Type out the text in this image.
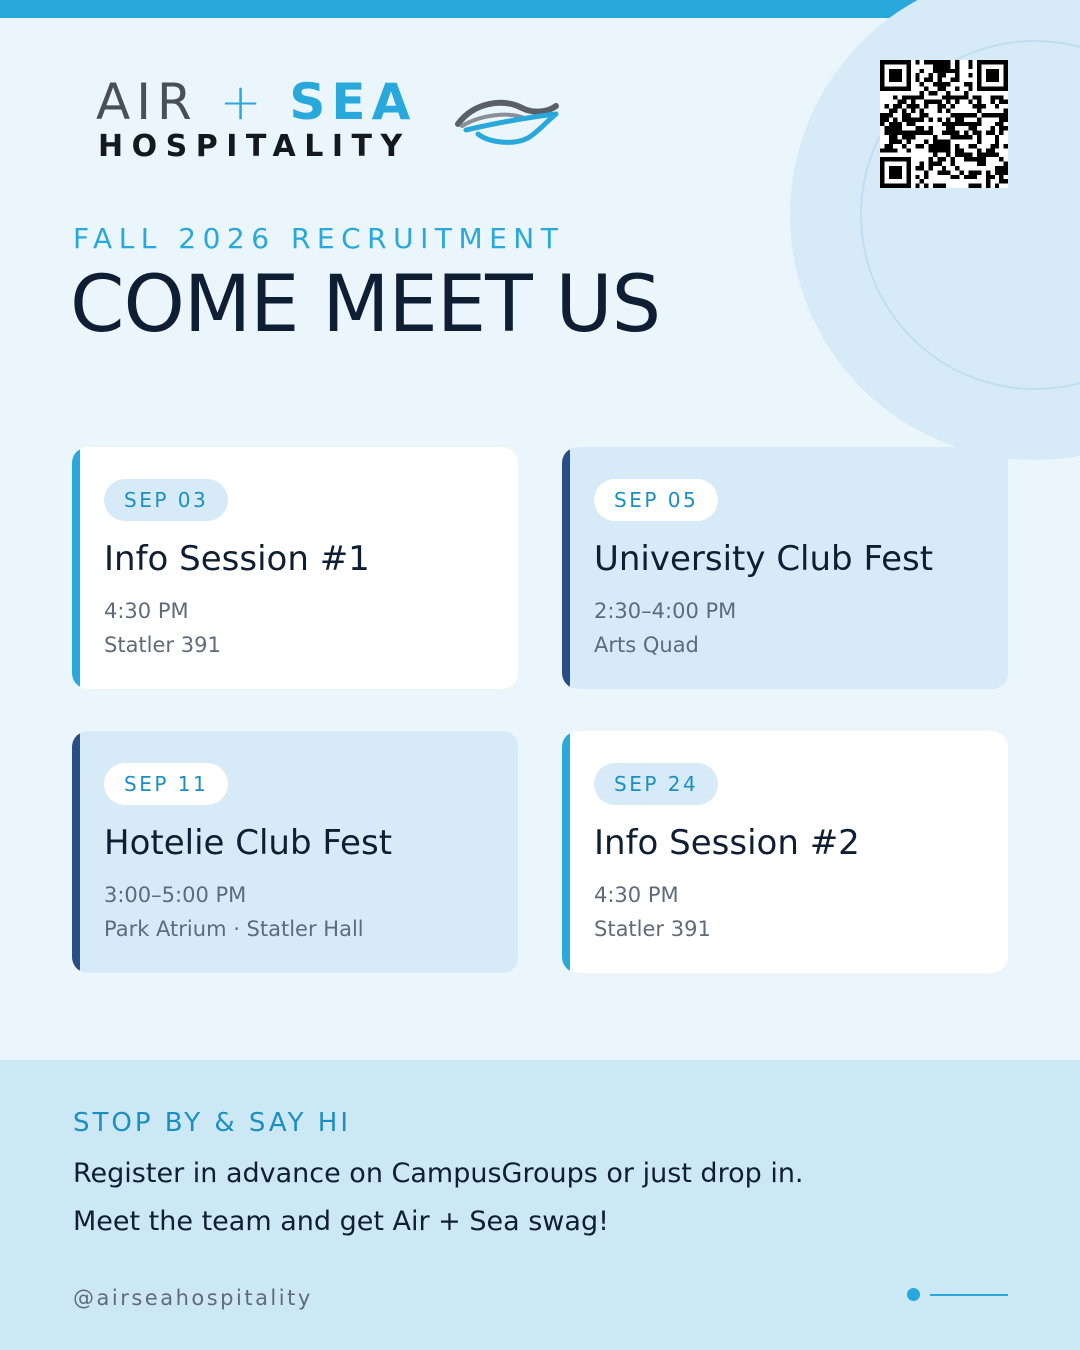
AIR + SEA
HOSPITALITY
FALL 2026 RECRUITMENT
COME MEET US
SEP 03
Info Session #1
4:30 PM
Statler 391
SEP 05
University Club Fest
2:30–4:00 PM
Arts Quad
SEP 11
Hotelie Club Fest
3:00–5:00 PM
Park Atrium · Statler Hall
SEP 24
Info Session #2
4:30 PM
Statler 391
STOP BY & SAY HI
Register in advance on CampusGroups or just drop in.
Meet the team and get Air + Sea swag!
@airseahospitality
